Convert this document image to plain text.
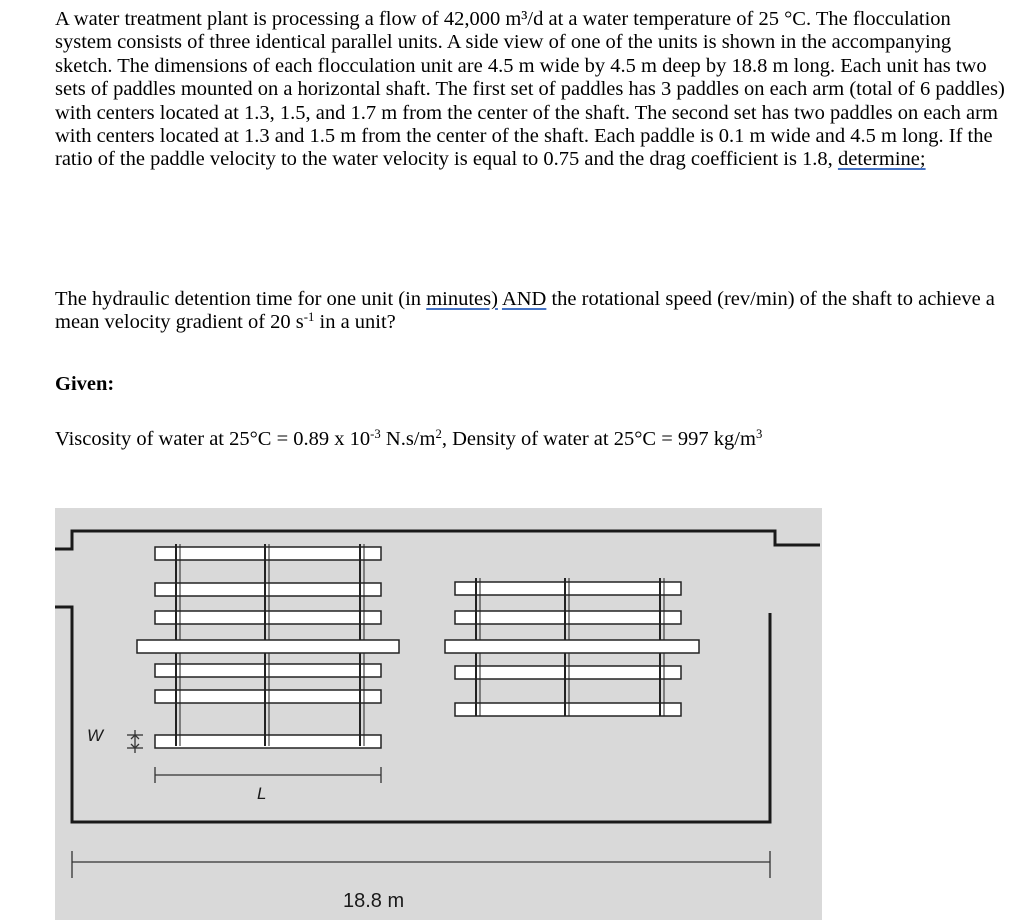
A water treatment plant is processing a flow of 42,000 m³/d at a water temperature of 25 °C. The flocculation system consists of three identical parallel units. A side view of one of the units is shown in the accompanying sketch. The dimensions of each flocculation unit are 4.5 m wide by 4.5 m deep by 18.8 m long. Each unit has two sets of paddles mounted on a horizontal shaft. The first set of paddles has 3 paddles on each arm (total of 6 paddles) with centers located at 1.3, 1.5, and 1.7 m from the center of the shaft. The second set has two paddles on each arm with centers located at 1.3 and 1.5 m from the center of the shaft. Each paddle is 0.1 m wide and 4.5 m long. If the ratio of the paddle velocity to the water velocity is equal to 0.75 and the drag coefficient is 1.8, determine;

The hydraulic detention time for one unit (in minutes) AND the rotational speed (rev/min) of the shaft to achieve a mean velocity gradient of 20 $s^{-1}$ in a unit?

Given:

Viscosity of water at 25°C = 0.89 x $10^{-3}$ $N.s/m^2$, Density of water at 25°C = 997 $kg/m^3$

W
L
18.8 m
